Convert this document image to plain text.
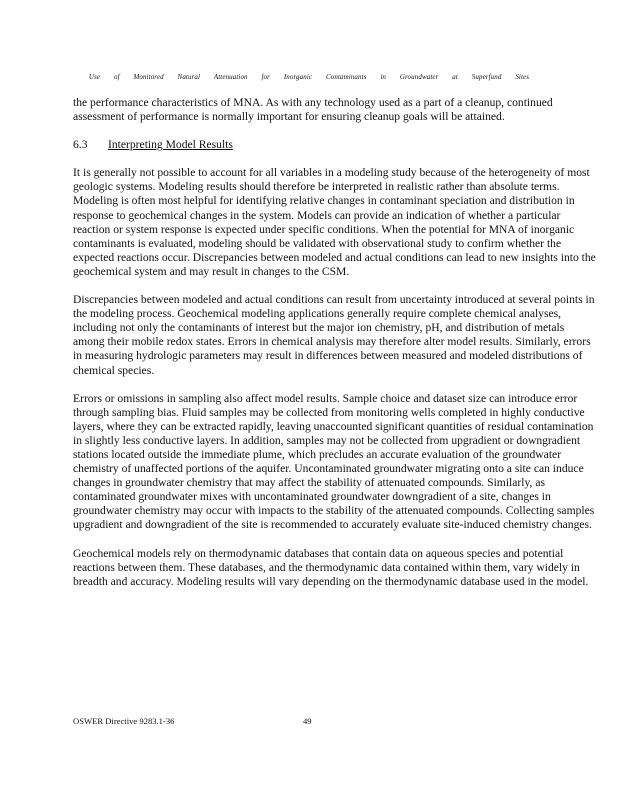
Use of Monitored Natural Attenuation for Inorganic Contaminants in Groundwater at Superfund Sites

the performance characteristics of MNA. As with any technology used as a part of a cleanup, continued assessment of performance is normally important for ensuring cleanup goals will be attained.

6.3 Interpreting Model Results

It is generally not possible to account for all variables in a modeling study because of the heterogeneity of most geologic systems. Modeling results should therefore be interpreted in realistic rather than absolute terms. Modeling is often most helpful for identifying relative changes in contaminant speciation and distribution in response to geochemical changes in the system. Models can provide an indication of whether a particular reaction or system response is expected under specific conditions. When the potential for MNA of inorganic contaminants is evaluated, modeling should be validated with observational study to confirm whether the expected reactions occur. Discrepancies between modeled and actual conditions can lead to new insights into the geochemical system and may result in changes to the CSM.

Discrepancies between modeled and actual conditions can result from uncertainty introduced at several points in the modeling process. Geochemical modeling applications generally require complete chemical analyses, including not only the contaminants of interest but the major ion chemistry, pH, and distribution of metals among their mobile redox states. Errors in chemical analysis may therefore alter model results. Similarly, errors in measuring hydrologic parameters may result in differences between measured and modeled distributions of chemical species.

Errors or omissions in sampling also affect model results. Sample choice and dataset size can introduce error through sampling bias. Fluid samples may be collected from monitoring wells completed in highly conductive layers, where they can be extracted rapidly, leaving unaccounted significant quantities of residual contamination in slightly less conductive layers. In addition, samples may not be collected from upgradient or downgradient stations located outside the immediate plume, which precludes an accurate evaluation of the groundwater chemistry of unaffected portions of the aquifer. Uncontaminated groundwater migrating onto a site can induce changes in groundwater chemistry that may affect the stability of attenuated compounds. Similarly, as contaminated groundwater mixes with uncontaminated groundwater downgradient of a site, changes in groundwater chemistry may occur with impacts to the stability of the attenuated compounds. Collecting samples upgradient and downgradient of the site is recommended to accurately evaluate site-induced chemistry changes.

Geochemical models rely on thermodynamic databases that contain data on aqueous species and potential reactions between them. These databases, and the thermodynamic data contained within them, vary widely in breadth and accuracy. Modeling results will vary depending on the thermodynamic database used in the model.

OSWER Directive 9283.1-36	49
